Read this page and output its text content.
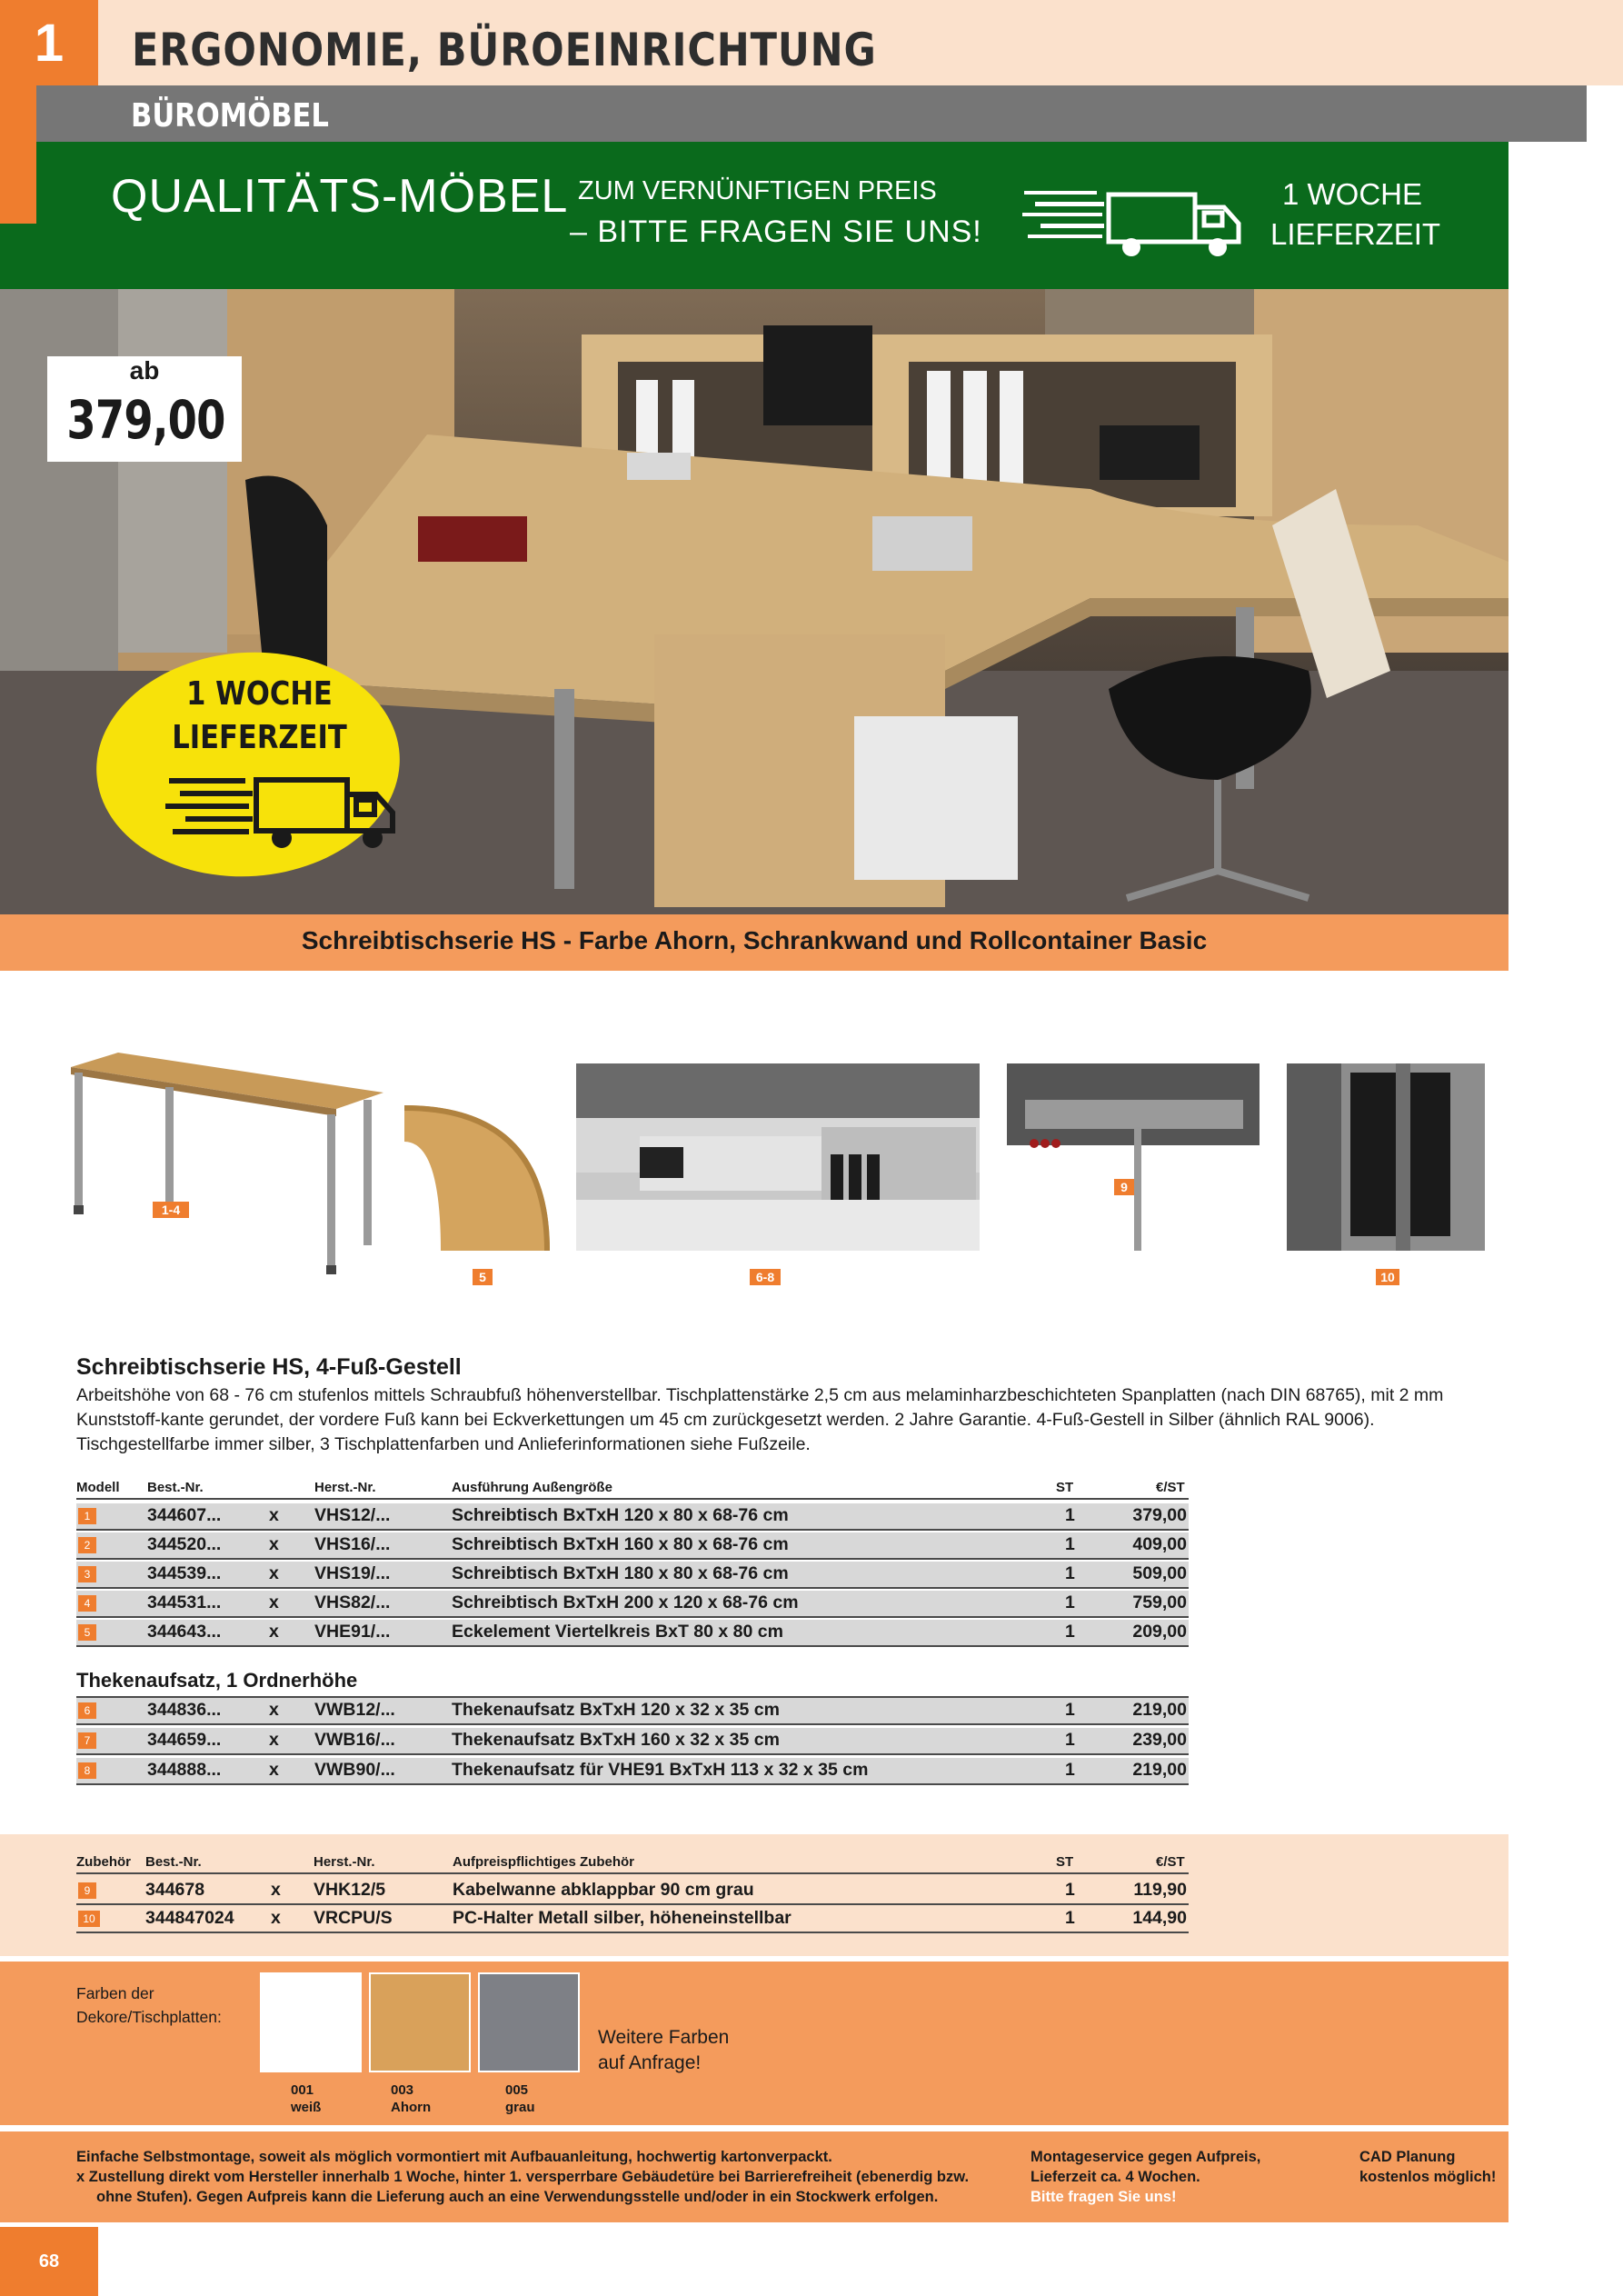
1 ERGONOMIE, BÜROEINRICHTUNG
BÜROMÖBEL
QUALITÄTS-MÖBEL ZUM VERNÜNFTIGEN PREIS
– BITTE FRAGEN SIE UNS!
1 WOCHE
LIEFERZEIT
ab
379,00
1 WOCHE
LIEFERZEIT
Schreibtischserie HS - Farbe Ahorn, Schrankwand und Rollcontainer Basic
1-4
5	6-8
9
10
Schreibtischserie HS, 4-Fuß-Gestell
Arbeitshöhe von 68 - 76 cm stufenlos mittels Schraubfuß höhenverstellbar. Tischplattenstärke 2,5 cm aus melaminharzbeschichteten Spanplatten (nach DIN 68765), mit 2 mm Kunststoff-kante gerundet, der vordere Fuß kann bei Eckverkettungen um 45 cm zurückgesetzt werden. 2 Jahre Garantie. 4-Fuß-Gestell in Silber (ähnlich RAL 9006). Tischgestellfarbe immer silber, 3 Tischplattenfarben und Anlieferinformationen siehe Fußzeile.
Modell Best.-Nr.	Herst.-Nr.	Ausführung Außengröße	ST	€/ST
1	344607...	x VHS12/...	Schreibtisch BxTxH 120 x 80 x 68-76 cm	1	379,00
2	344520...	x VHS16/...	Schreibtisch BxTxH 160 x 80 x 68-76 cm	1	409,00
3	344539...	x VHS19/...	Schreibtisch BxTxH 180 x 80 x 68-76 cm	1	509,00
4	344531...	x VHS82/...	Schreibtisch BxTxH 200 x 120 x 68-76 cm	1	759,00
5	344643...	x VHE91/...	Eckelement Viertelkreis BxT 80 x 80 cm	1	209,00
Thekenaufsatz, 1 Ordnerhöhe
6	344836...	x VWB12/...	Thekenaufsatz BxTxH 120 x 32 x 35 cm	1	219,00
7	344659...	x VWB16/...	Thekenaufsatz BxTxH 160 x 32 x 35 cm	1	239,00
8	344888...	x VWB90/...	Thekenaufsatz für VHE91 BxTxH 113 x 32 x 35 cm	1	219,00
Zubehör Best.-Nr.	Herst.-Nr.	Aufpreispflichtiges Zubehör	ST	€/ST
9	344678	x VHK12/5	Kabelwanne abklappbar 90 cm grau	1	119,90
10	344847024 x VRCPU/S	PC-Halter Metall silber, höheneinstellbar	1	144,90
Farben der
Dekore/Tischplatten:
001
weiß
003
Ahorn
005
grau
Weitere Farben
auf Anfrage!
Einfache Selbstmontage, soweit als möglich vormontiert mit Aufbauanleitung, hochwertig kartonverpackt.
x Zustellung direkt vom Hersteller innerhalb 1 Woche, hinter 1. versperrbare Gebäudetüre bei Barrierefreiheit (ebenerdig bzw.
ohne Stufen). Gegen Aufpreis kann die Lieferung auch an eine Verwendungsstelle und/oder in ein Stockwerk erfolgen.
Montageservice gegen Aufpreis,
Lieferzeit ca. 4 Wochen.
Bitte fragen Sie uns!
CAD Planung
kostenlos möglich!
68
